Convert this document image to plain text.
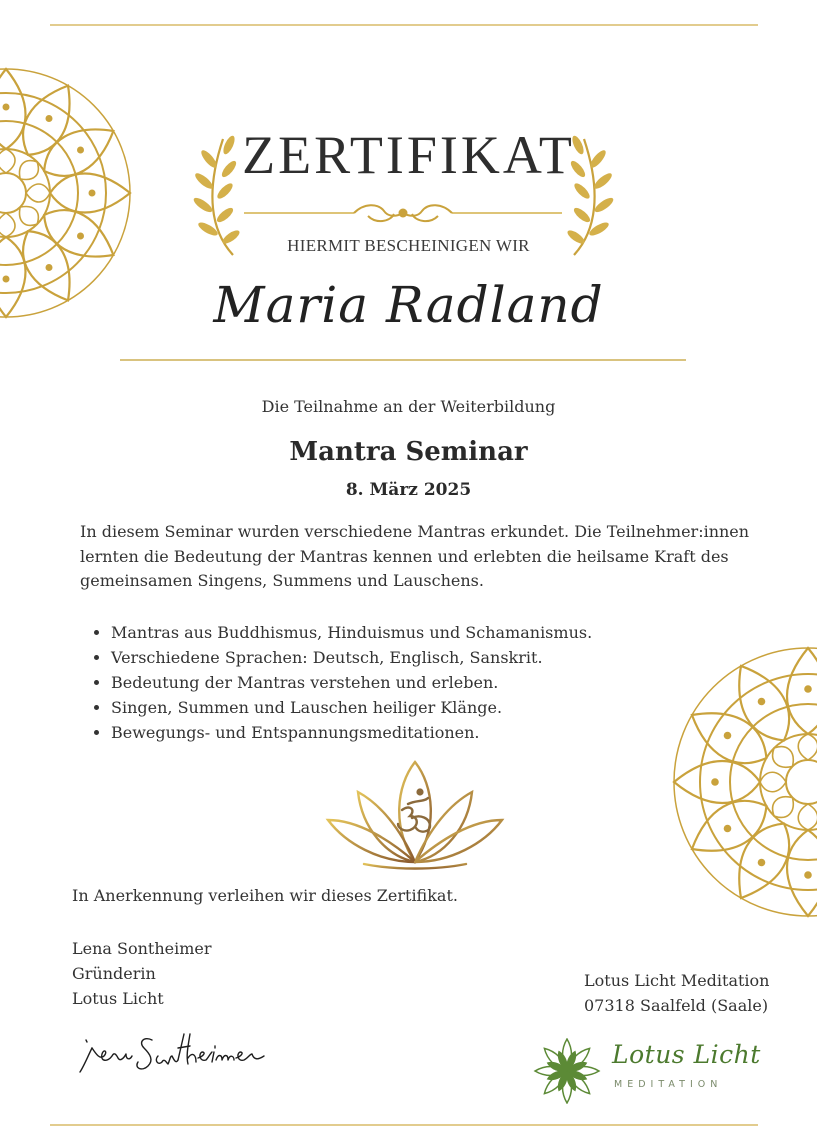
ZERTIFIKAT
HIERMIT BESCHEINIGEN WIR
Maria Radland
Die Teilnahme an der Weiterbildung
Mantra Seminar
8. März 2025
In diesem Seminar wurden verschiedene Mantras erkundet. Die Teilnehmer:innen
lernten die Bedeutung der Mantras kennen und erlebten die heilsame Kraft des
gemeinsamen Singens, Summens und Lauschens.
• Mantras aus Buddhismus, Hinduismus und Schamanismus.
• Verschiedene Sprachen: Deutsch, Englisch, Sanskrit.
• Bedeutung der Mantras verstehen und erleben.
• Singen, Summen und Lauschen heiliger Klänge.
• Bewegungs- und Entspannungsmeditationen.
In Anerkennung verleihen wir dieses Zertifikat.
Lena Sontheimer
Gründerin
Lotus Licht
Lotus Licht Meditation
07318 Saalfeld (Saale)
Lotus Licht
MEDITATION
